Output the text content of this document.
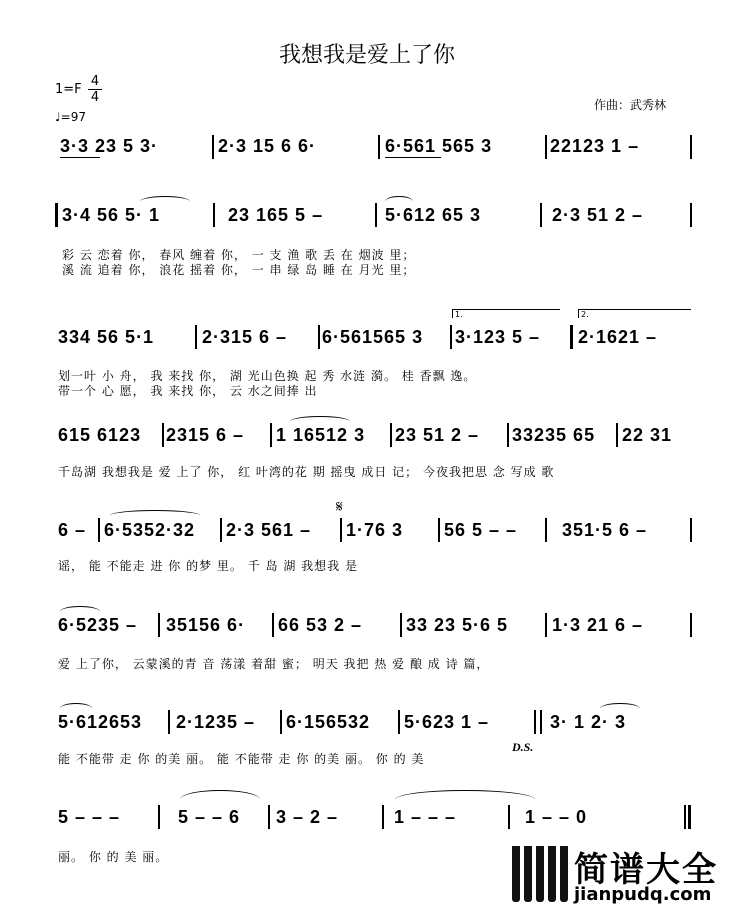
我想我是爱上了你
1=F
4
4
♩=97
作曲：武秀林
3·3 23 5 3·	2·3 15 6 6·	6·561 565 3	22123 1 –
3·4 56 5· 1	23 165 5 –	5·612 65 3	2·3 51 2 –
彩 云 恋着 你， 春风 缠着 你， 一 支 渔 歌 丢 在 烟波 里；
溪 流 追着 你， 浪花 摇着 你， 一 串 绿 岛 睡 在 月光 里；
1.	2.
334 56 5·1	2·315 6 – 6·561565 3 3·123 5 – 2·1621 –
划一叶 小 舟， 我 来找 你， 湖 光山色换 起 秀 水涟 漪。 桂 香飘 逸。
带一个 心 愿， 我 来找 你， 云 水之间捧 出
615 6123 2315 6 – 1 16512 3 23 51 2 – 33235 65 22 31
千岛湖 我想我是 爱 上了 你， 红 叶湾的花 期 摇曳 成日 记； 今夜我把思 念 写成 歌
𝄋
6 – 6·5352·32 2·3 561 – 1·76 3 56 5 – – 351·5 6 –
谣， 能 不能走 进 你 的梦 里。 千 岛 湖 我想我 是
6·5235 – 35156 6· 66 53 2 – 33 23 5·6 5 1·3 21 6 –
爱 上了你， 云蒙溪的青 音 荡漾 着甜 蜜； 明天 我把 热 爱 酿 成 诗 篇，
5·612653 2·1235 – 6·156532 5·623 1 –	3· 1 2· 3
D.S.
能 不能带 走 你 的美 丽。 能 不能带 走 你 的美 丽。 你 的 美
5 – – –	5 – – 6 3 – 2 –	1 – – –	1 – – 0
丽。 你 的 美 丽。	简谱大全
jianpudq.com
